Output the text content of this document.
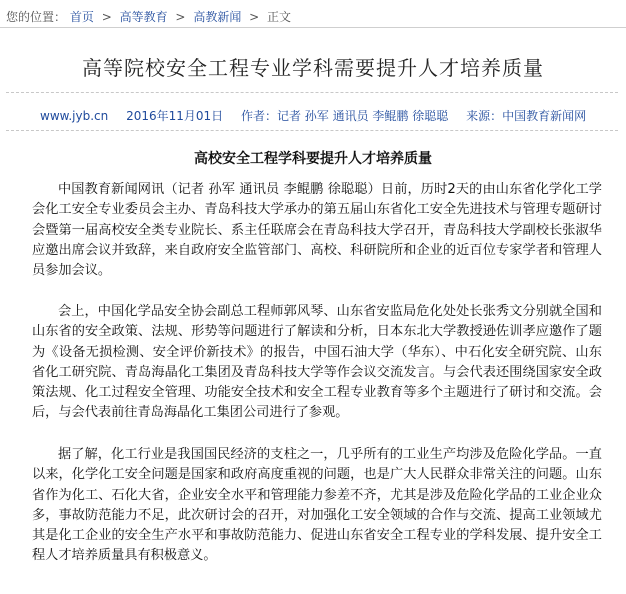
您的位置： 首页 > 高等教育 > 高教新闻 > 正文
高等院校安全工程专业学科需要提升人才培养质量
www.jyb.cn 2016年11月01日 作者：记者 孙军 通讯员 李鲲鹏 徐聪聪 来源：中国教育新闻网
高校安全工程学科要提升人才培养质量

中国教育新闻网讯（记者 孙军 通讯员 李鲲鹏 徐聪聪）日前，历时2天的由山东省化学化工学会化工安全专业委员会主办、青岛科技大学承办的第五届山东省化工安全先进技术与管理专题研讨会暨第一届高校安全类专业院长、系主任联席会在青岛科技大学召开，青岛科技大学副校长张淑华应邀出席会议并致辞，来自政府安全监管部门、高校、科研院所和企业的近百位专家学者和管理人员参加会议。

会上，中国化学品安全协会副总工程师郭风琴、山东省安监局危化处处长张秀文分别就全国和山东省的安全政策、法规、形势等问题进行了解读和分析，日本东北大学教授逊佐训孝应邀作了题为《设备无损检测、安全评价新技术》的报告，中国石油大学（华东）、中石化安全研究院、山东省化工研究院、青岛海晶化工集团及青岛科技大学等作会议交流发言。与会代表还围绕国家安全政策法规、化工过程安全管理、功能安全技术和安全工程专业教育等多个主题进行了研讨和交流。会后，与会代表前往青岛海晶化工集团公司进行了参观。

据了解，化工行业是我国国民经济的支柱之一，几乎所有的工业生产均涉及危险化学品。一直以来，化学化工安全问题是国家和政府高度重视的问题，也是广大人民群众非常关注的问题。山东省作为化工、石化大省，企业安全水平和管理能力参差不齐，尤其是涉及危险化学品的工业企业众多，事故防范能力不足，此次研讨会的召开，对加强化工安全领域的合作与交流、提高工业领域尤其是化工企业的安全生产水平和事故防范能力、促进山东省安全工程专业的学科发展、提升安全工程人才培养质量具有积极意义。
